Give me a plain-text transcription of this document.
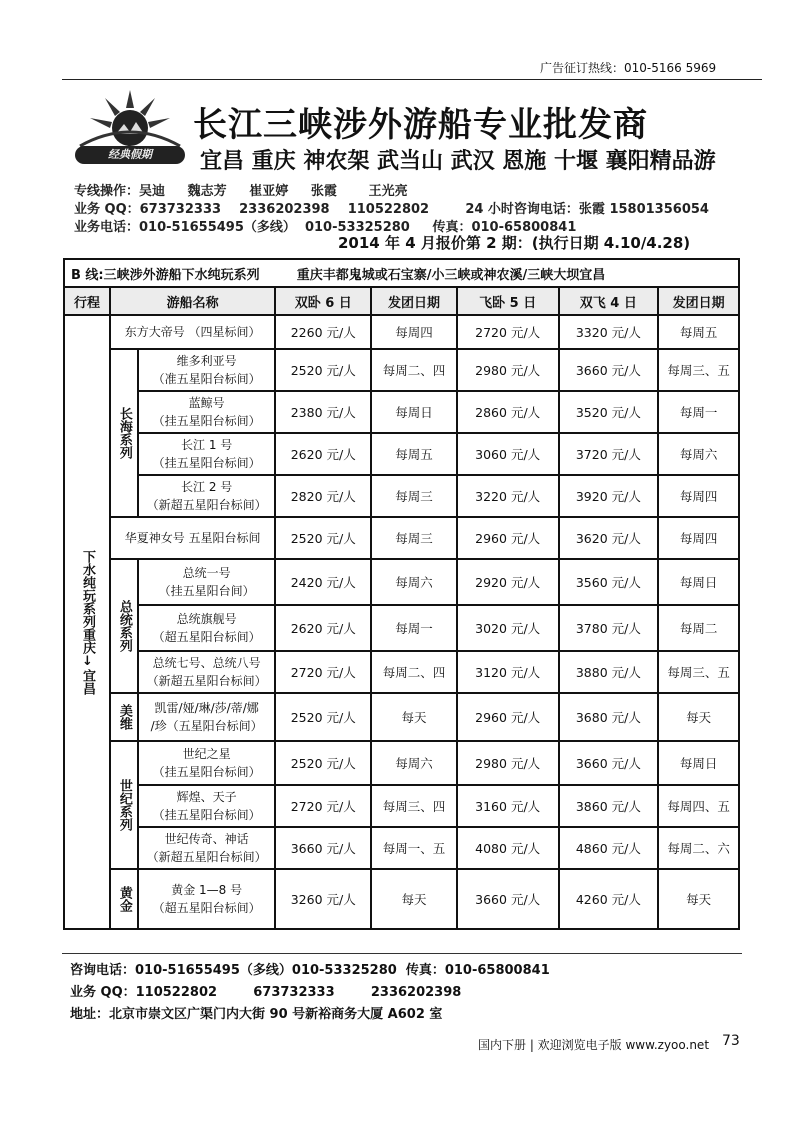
广告征订热线：010-5166 5969
经典假期
长江三峡涉外游船专业批发商
宜昌 重庆 神农架 武当山 武汉 恩施 十堰 襄阳精品游
专线操作：吴迪     魏志芳     崔亚婷     张霞       王光亮
业务 QQ：673732333    2336202398    110522802        24 小时咨询电话：张霞 15801356054
业务电话：010-51655495（多线）  010-53325280     传真：010-65800841
2014 年 4 月报价第 2 期：(执行日期 4.10/4.28)
B 线:三峡涉外游船下水纯玩系列 重庆丰都鬼城或石宝寨/小三峡或神农溪/三峡大坝宜昌							
行程	游船名称		双卧 6 日	发团日期	飞卧 5 日	双飞 4 日	发团日期
下水纯玩系列重庆↓宜昌	东方大帝号 （四星标间）		2260 元/人	每周四	2720 元/人	3320 元/人	每周五
	长海系列	维多利亚号
（准五星阳台标间）	2520 元/人	每周二、四	2980 元/人	3660 元/人	每周三、五
		蓝鲸号
（挂五星阳台标间）	2380 元/人	每周日	2860 元/人	3520 元/人	每周一
		长江 1 号
（挂五星阳台标间）	2620 元/人	每周五	3060 元/人	3720 元/人	每周六
		长江 2 号
（新超五星阳台标间）	2820 元/人	每周三	3220 元/人	3920 元/人	每周四
	华夏神女号 五星阳台标间		2520 元/人	每周三	2960 元/人	3620 元/人	每周四
	总统系列	总统一号
（挂五星阳台间）	2420 元/人	每周六	2920 元/人	3560 元/人	每周日
		总统旗舰号
（超五星阳台标间）	2620 元/人	每周一	3020 元/人	3780 元/人	每周二
		总统七号、总统八号
（新超五星阳台标间）	2720 元/人	每周二、四	3120 元/人	3880 元/人	每周三、五
	美维	凯雷/娅/琳/莎/蒂/娜
/珍（五星阳台标间）	2520 元/人	每天	2960 元/人	3680 元/人	每天
	世纪系列	世纪之星
（挂五星阳台标间）	2520 元/人	每周六	2980 元/人	3660 元/人	每周日
		辉煌、天子
（挂五星阳台标间）	2720 元/人	每周三、四	3160 元/人	3860 元/人	每周四、五
		世纪传奇、神话
（新超五星阳台标间）	3660 元/人	每周一、五	4080 元/人	4860 元/人	每周二、六
	黄金	黄金 1—8 号
（超五星阳台标间）	3260 元/人	每天	3660 元/人	4260 元/人	每天
咨询电话：010-51655495（多线）010-53325280  传真：010-65800841
业务 QQ：110522802        673732333        2336202398
地址：北京市崇文区广渠门内大街 90 号新裕商务大厦 A602 室
国内下册 | 欢迎浏览电子版 www.zyoo.net 73
